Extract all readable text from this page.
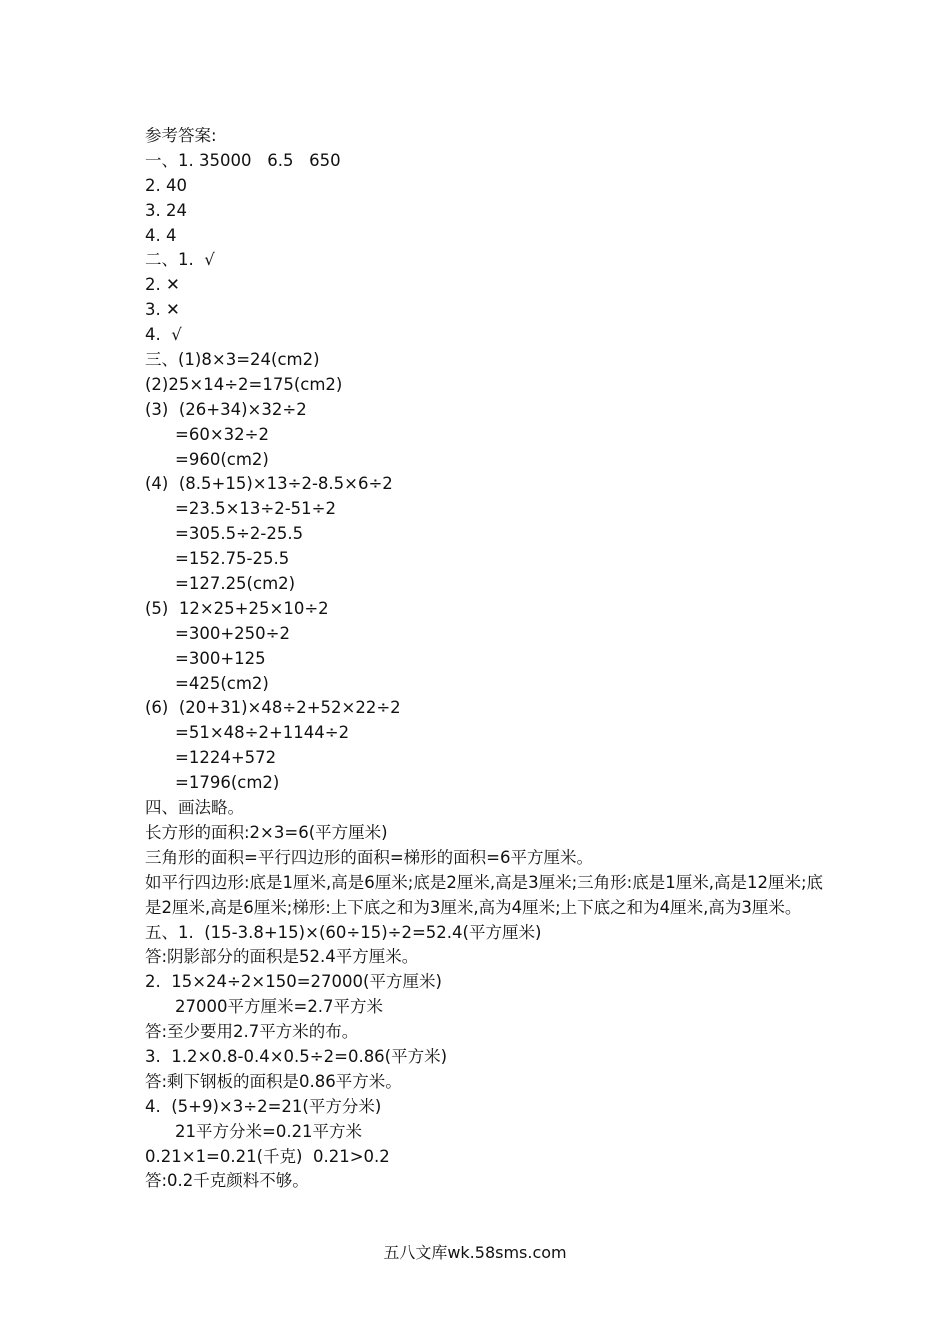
参考答案:
一、1. 35000   6.5   650
2. 40
3. 24
4. 4
二、1.  √
2. ✕
3. ✕
4.  √
三、(1)8×3=24(cm2)
(2)25×14÷2=175(cm2)
(3)  (26+34)×32÷2
=60×32÷2
=960(cm2)
(4)  (8.5+15)×13÷2-8.5×6÷2
=23.5×13÷2-51÷2
=305.5÷2-25.5
=152.75-25.5
=127.25(cm2)
(5)  12×25+25×10÷2
=300+250÷2
=300+125
=425(cm2)
(6)  (20+31)×48÷2+52×22÷2
=51×48÷2+1144÷2
=1224+572
=1796(cm2)
四、画法略。
长方形的面积:2×3=6(平方厘米)
三角形的面积=平行四边形的面积=梯形的面积=6平方厘米。
如平行四边形:底是1厘米,高是6厘米;底是2厘米,高是3厘米;三角形:底是1厘米,高是12厘米;底是2厘米,高是6厘米;梯形:上下底之和为3厘米,高为4厘米;上下底之和为4厘米,高为3厘米。
五、1.  (15-3.8+15)×(60÷15)÷2=52.4(平方厘米)
答:阴影部分的面积是52.4平方厘米。
2.  15×24÷2×150=27000(平方厘米)
27000平方厘米=2.7平方米
答:至少要用2.7平方米的布。
3.  1.2×0.8-0.4×0.5÷2=0.86(平方米)
答:剩下钢板的面积是0.86平方米。
4.  (5+9)×3÷2=21(平方分米)
21平方分米=0.21平方米
0.21×1=0.21(千克)  0.21>0.2
答:0.2千克颜料不够。
五八文库wk.58sms.com
